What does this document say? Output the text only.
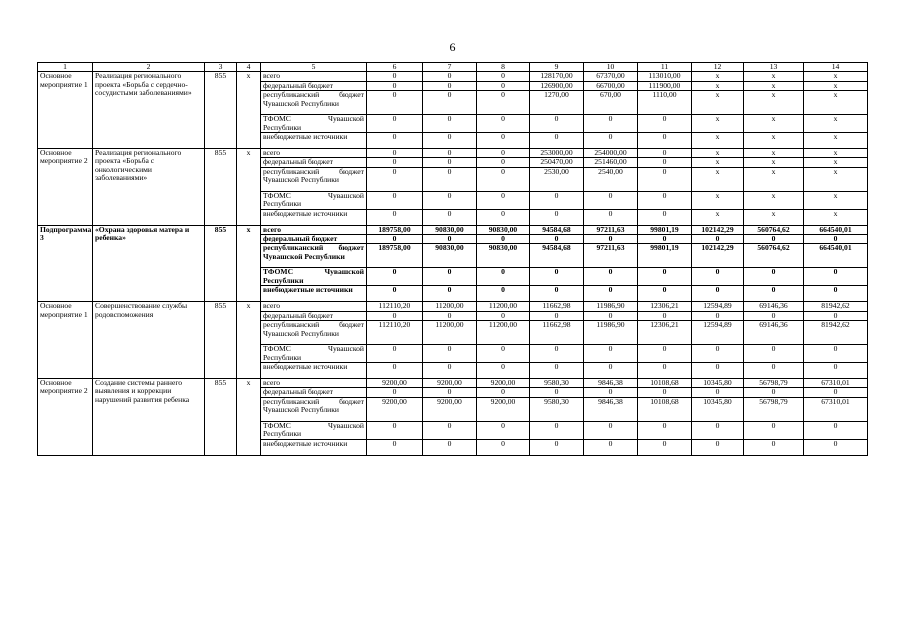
6
1	2	3	4	5	6	7	8	9	10	11	12	13	14
Основное мероприятие 1	Реализация регионального проекта «Борьба с сердечно-сосудистыми заболеваниями»	855	x	всего	0	0	0	128170,00	67370,00	113010,00	x	x	x
				федеральный бюджет	0	0	0	126900,00	66700,00	111900,00	x	x	x
				республиканский бюджет Чувашской Республики	0	0	0	1270,00	670,00	1110,00	x	x	x
				ТФОМС Чувашской Республики	0	0	0	0	0	0	x	x	x
				внебюджетные источники	0	0	0	0	0	0	x	x	x
Основное мероприятие 2	Реализация регионального проекта «Борьба с онкологическими заболеваниями»	855	x	всего	0	0	0	253000,00	254000,00	0	x	x	x
				федеральный бюджет	0	0	0	250470,00	251460,00	0	x	x	x
				республиканский бюджет Чувашской Республики	0	0	0	2530,00	2540,00	0	x	x	x
				ТФОМС Чувашской Республики	0	0	0	0	0	0	x	x	x
				внебюджетные источники	0	0	0	0	0	0	x	x	x
Подпрограмма 3	«Охрана здоровья матера и ребенка»	855	x	всего	189758,00	90830,00	90830,00	94584,68	97211,63	99801,19	102142,29	560764,62	664540,01
				федеральный бюджет	0	0	0	0	0	0	0	0	0
				республиканский бюджет Чувашской Республики	189758,00	90830,00	90830,00	94584,68	97211,63	99801,19	102142,29	560764,62	664540,01
				ТФОМС Чувашской Республики	0	0	0	0	0	0	0	0	0
				внебюджетные источники	0	0	0	0	0	0	0	0	0
Основное мероприятие 1	Совершенствование службы родовспоможения	855	x	всего	112110,20	11200,00	11200,00	11662,98	11986,90	12306,21	12594,89	69146,36	81942,62
				федеральный бюджет	0	0	0	0	0	0	0	0	0
				республиканский бюджет Чувашской Республики	112110,20	11200,00	11200,00	11662,98	11986,90	12306,21	12594,89	69146,36	81942,62
				ТФОМС Чувашской Республики	0	0	0	0	0	0	0	0	0
				внебюджетные источники	0	0	0	0	0	0	0	0	0
Основное мероприятие 2	Создание системы раннего выявления и коррекции нарушений развития ребенка	855	x	всего	9200,00	9200,00	9200,00	9580,30	9846,38	10108,68	10345,80	56798,79	67310,01
				федеральный бюджет	0	0	0	0	0	0	0	0	0
				республиканский бюджет Чувашской Республики	9200,00	9200,00	9200,00	9580,30	9846,38	10108,68	10345,80	56798,79	67310,01
				ТФОМС Чувашской Республики	0	0	0	0	0	0	0	0	0
				внебюджетные источники	0	0	0	0	0	0	0	0	0
